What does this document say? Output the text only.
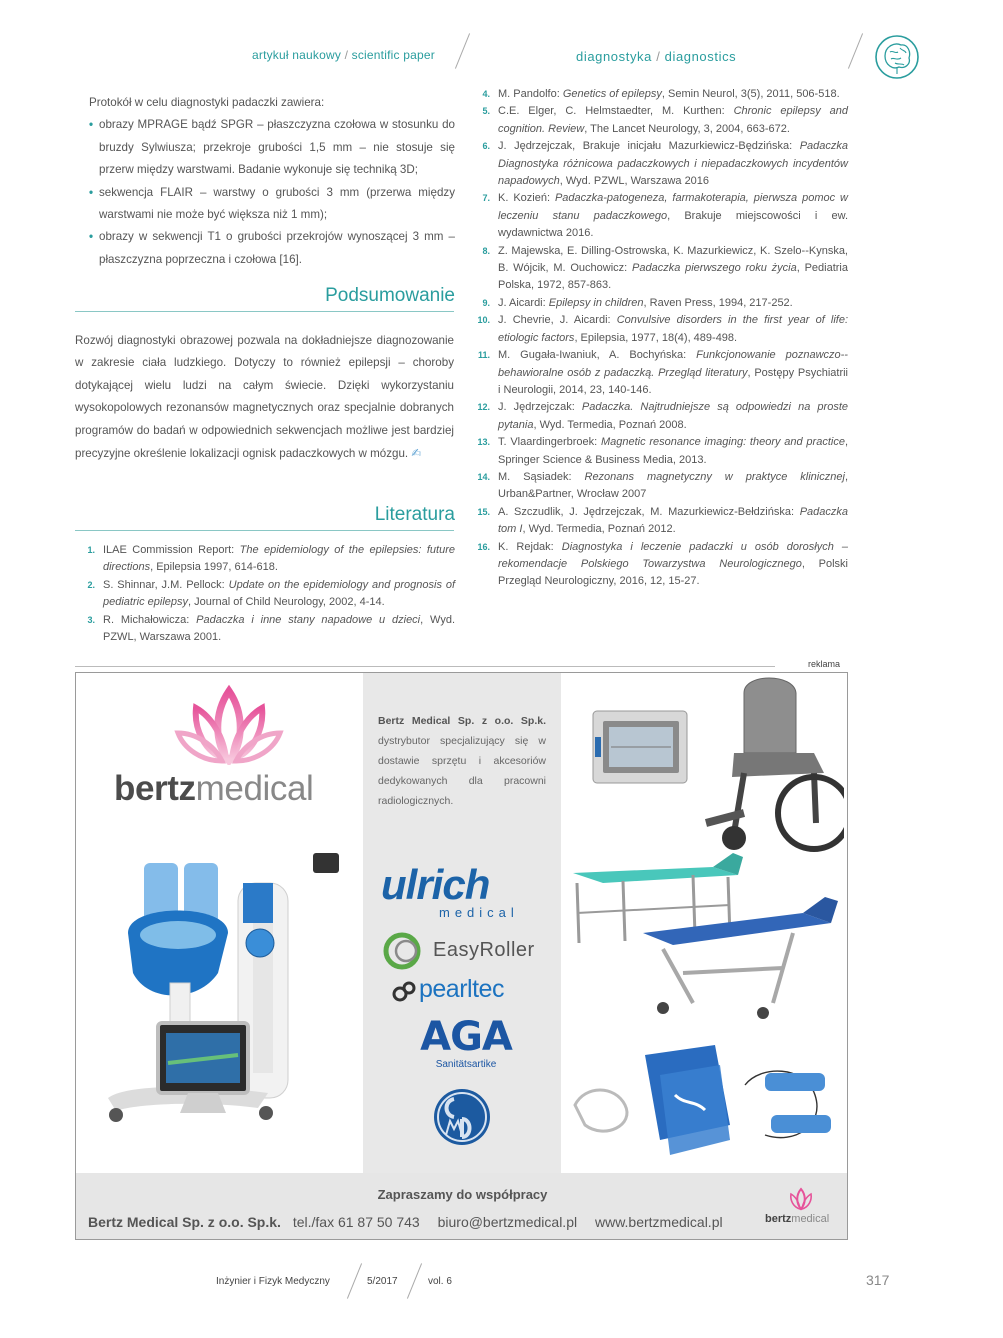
artykuł naukowy / scientific paper	diagnostyka / diagnostics

Protokół w celu diagnostyki padaczki zawiera:

• obrazy MPRAGE bądź SPGR – płaszczyzna czołowa w stosunku do bruzdy Sylwiusza; przekroje grubości 1,5 mm – nie stosuje się przerw między warstwami. Badanie wykonuje się techniką 3D;
• sekwencja FLAIR – warstwy o grubości 3 mm (przerwa między warstwami nie może być większa niż 1 mm);
• obrazy w sekwencji T1 o grubości przekrojów wynoszącej 3 mm – płaszczyzna poprzeczna i czołowa [16].
Podsumowanie

Rozwój diagnostyki obrazowej pozwala na dokładniejsze diagnozowanie w zakresie ciała ludzkiego. Dotyczy to również epilepsji – choroby dotykającej wielu ludzi na całym świecie. Dzięki wykorzystaniu wysokopolowych rezonansów magnetycznych oraz specjalnie dobranych programów do badań w odpowiednich sekwencjach możliwe jest bardziej precyzyjne określenie lokalizacji ognisk padaczkowych w mózgu. ✍

Literatura
1. ILAE Commission Report: The epidemiology of the epilepsies: future directions, Epilepsia 1997, 614-618.
2. S. Shinnar, J.M. Pellock: Update on the epidemiology and prognosis of pediatric epilepsy, Journal of Child Neurology, 2002, 4-14.
3. R. Michałowicza: Padaczka i inne stany napadowe u dzieci, Wyd. PZWL, Warszawa 2001.
4. M. Pandolfo: Genetics of epilepsy, Semin Neurol, 3(5), 2011, 506-518.
5. C.E. Elger, C. Helmstaedter, M. Kurthen: Chronic epilepsy and cognition. Review, The Lancet Neurology, 3, 2004, 663-672.
6. J. Jędrzejczak, Brakuje inicjału Mazurkiewicz-Będzińska: Padaczka Diagnostyka różnicowa padaczkowych i niepadaczkowych incydentów napadowych, Wyd. PZWL, Warszawa 2016
7. K. Kozień: Padaczka-patogeneza, farmakoterapia, pierwsza pomoc w leczeniu stanu padaczkowego, Brakuje miejscowości i ew. wydawnictwa 2016.
8. Z. Majewska, E. Dilling-Ostrowska, K. Mazurkiewicz, K. Szelo--Kynska, B. Wójcik, M. Ouchowicz: Padaczka pierwszego roku życia, Pediatria Polska, 1972, 857-863.
9. J. Aicardi: Epilepsy in children, Raven Press, 1994, 217-252.
10. J. Chevrie, J. Aicardi: Convulsive disorders in the first year of life: etiologic factors, Epilepsia, 1977, 18(4), 489-498.
11. M. Gugała-Iwaniuk, A. Bochyńska: Funkcjonowanie poznawczo--behawioralne osób z padaczką. Przegląd literatury, Postępy Psychiatrii i Neurologii, 2014, 23, 140-146.
12. J. Jędrzejczak: Padaczka. Najtrudniejsze są odpowiedzi na proste pytania, Wyd. Termedia, Poznań 2008.
13. T. Vlaardingerbroek: Magnetic resonance imaging: theory and practice, Springer Science & Business Media, 2013.
14. M. Sąsiadek: Rezonans magnetyczny w praktyce klinicznej, Urban&Partner, Wrocław 2007
15. A. Szczudlik, J. Jędrzejczak, M. Mazurkiewicz-Bełdzińska: Padaczka tom I, Wyd. Termedia, Poznań 2012.
16. K. Rejdak: Diagnostyka i leczenie padaczki u osób dorosłych – rekomendacje Polskiego Towarzystwa Neurologicznego, Polski Przegląd Neurologiczny, 2016, 12, 15-27.
reklama
bertzmedical

Bertz Medical Sp. z o.o. Sp.k. dystrybutor specjalizujący się w dostawie sprzętu i akcesoriów dedykowanych dla pracowni radiologicznych.

ulrich
medical
EasyRoller
pearltec
AGA
Sanitätsartike
Zapraszamy do współpracy
Bertz Medical Sp. z o.o. Sp.k. tel./fax 61 87 50 743 biuro@bertzmedical.pl www.bertzmedical.pl	bertzmedical
Inżynier i Fizyk Medyczny	5/2017	vol. 6	317
